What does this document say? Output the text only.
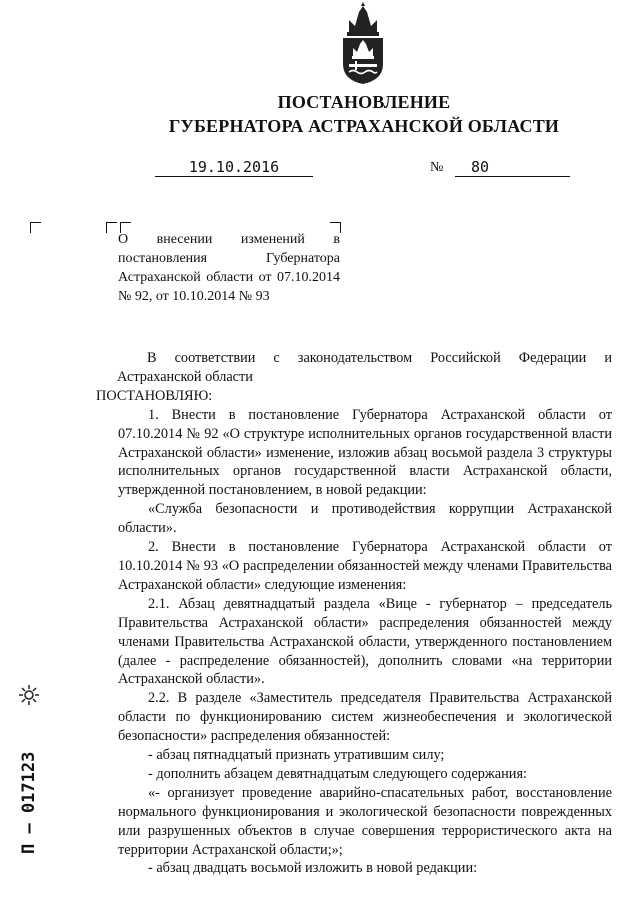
ПОСТАНОВЛЕНИЕ
ГУБЕРНАТОРА АСТРАХАНСКОЙ ОБЛАСТИ
19.10.2016	№	80
О внесении изменений в постановления Губернатора Астраханской области от 07.10.2014 № 92, от 10.10.2014 № 93

В соответствии с законодательством Российской Федерации и Астраханской области

ПОСТАНОВЛЯЮ:

1. Внести в постановление Губернатора Астраханской области от 07.10.2014 № 92 «О структуре исполнительных органов государственной власти Астраханской области» изменение, изложив абзац восьмой раздела 3 структуры исполнительных органов государственной власти Астраханской области, утвержденной постановлением, в новой редакции:

«Служба безопасности и противодействия коррупции Астраханской области».

2. Внести в постановление Губернатора Астраханской области от 10.10.2014 № 93 «О распределении обязанностей между членами Правительства Астраханской области» следующие изменения:

2.1. Абзац девятнадцатый раздела «Вице - губернатор – председатель Правительства Астраханской области» распределения обязанностей между членами Правительства Астраханской области, утвержденного постановлением (далее - распределение обязанностей), дополнить словами «на территории Астраханской области».

2.2. В разделе «Заместитель председателя Правительства Астраханской области по функционированию систем жизнеобеспечения и экологической безопасности» распределения обязанностей:

- абзац пятнадцатый признать утратившим силу;

- дополнить абзацем девятнадцатым следующего содержания:

«- организует проведение аварийно-спасательных работ, восстановление нормального функционирования и экологической безопасности поврежденных или разрушенных объектов в случае совершения террористического акта на территории Астраханской области;»;

- абзац двадцать восьмой изложить в новой редакции:

П – 017123
